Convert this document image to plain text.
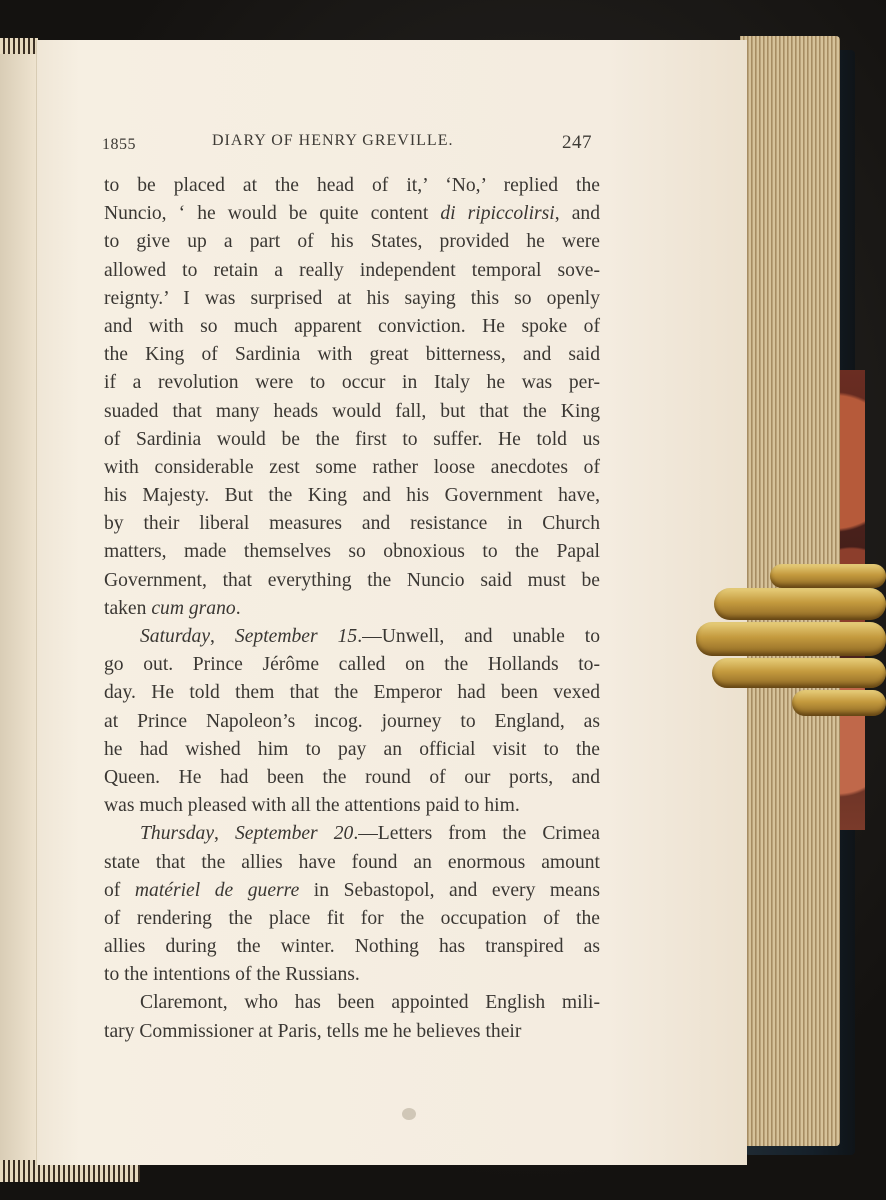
1855	DIARY OF HENRY GREVILLE.	247
to be placed at the head of it,’ ‘No,’ replied the
Nuncio, ‘ he would be quite content di ripiccolirsi, and
to give up a part of his States, provided he were
allowed to retain a really independent temporal sove-
reignty.’ I was surprised at his saying this so openly
and with so much apparent conviction. He spoke of
the King of Sardinia with great bitterness, and said
if a revolution were to occur in Italy he was per-
suaded that many heads would fall, but that the King
of Sardinia would be the first to suffer. He told us
with considerable zest some rather loose anecdotes of
his Majesty. But the King and his Government have,
by their liberal measures and resistance in Church
matters, made themselves so obnoxious to the Papal
Government, that everything the Nuncio said must be
taken cum grano.
Saturday, September 15.—Unwell, and unable to
go out. Prince Jérôme called on the Hollands to-
day. He told them that the Emperor had been vexed
at Prince Napoleon’s incog. journey to England, as
he had wished him to pay an official visit to the
Queen. He had been the round of our ports, and
was much pleased with all the attentions paid to him.
Thursday, September 20.—Letters from the Crimea
state that the allies have found an enormous amount
of matériel de guerre in Sebastopol, and every means
of rendering the place fit for the occupation of the
allies during the winter. Nothing has transpired as
to the intentions of the Russians.
Claremont, who has been appointed English mili-
tary Commissioner at Paris, tells me he believes their
